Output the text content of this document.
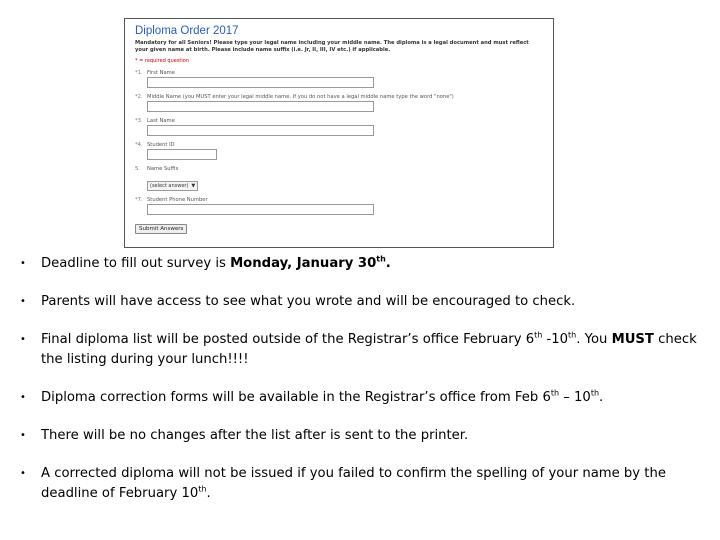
Diploma Order 2017
Mandatory for all Seniors! Please type your legal name including your middle name. The diploma is a legal document and must reflect your given name at birth. Please include name suffix (i.e. Jr, II, III, IV etc.) if applicable.
* = required question
*1. First Name
*2. Middle Name (you MUST enter your legal middle name. If you do not have a legal middle name type the word "none")
*3. Last Name
*4. Student ID
5. Name Suffix
(select answer) ▼
*7. Student Phone Number
Submit Answers
• Deadline to fill out survey is Monday, January 30th.
• Parents will have access to see what you wrote and will be encouraged to check.
• Final diploma list will be posted outside of the Registrar’s office February 6th -10th. You MUST check the listing during your lunch!!!!
• Diploma correction forms will be available in the Registrar’s office from Feb 6th – 10th.
• There will be no changes after the list after is sent to the printer.
• A corrected diploma will not be issued if you failed to confirm the spelling of your name by the deadline of February 10th.
